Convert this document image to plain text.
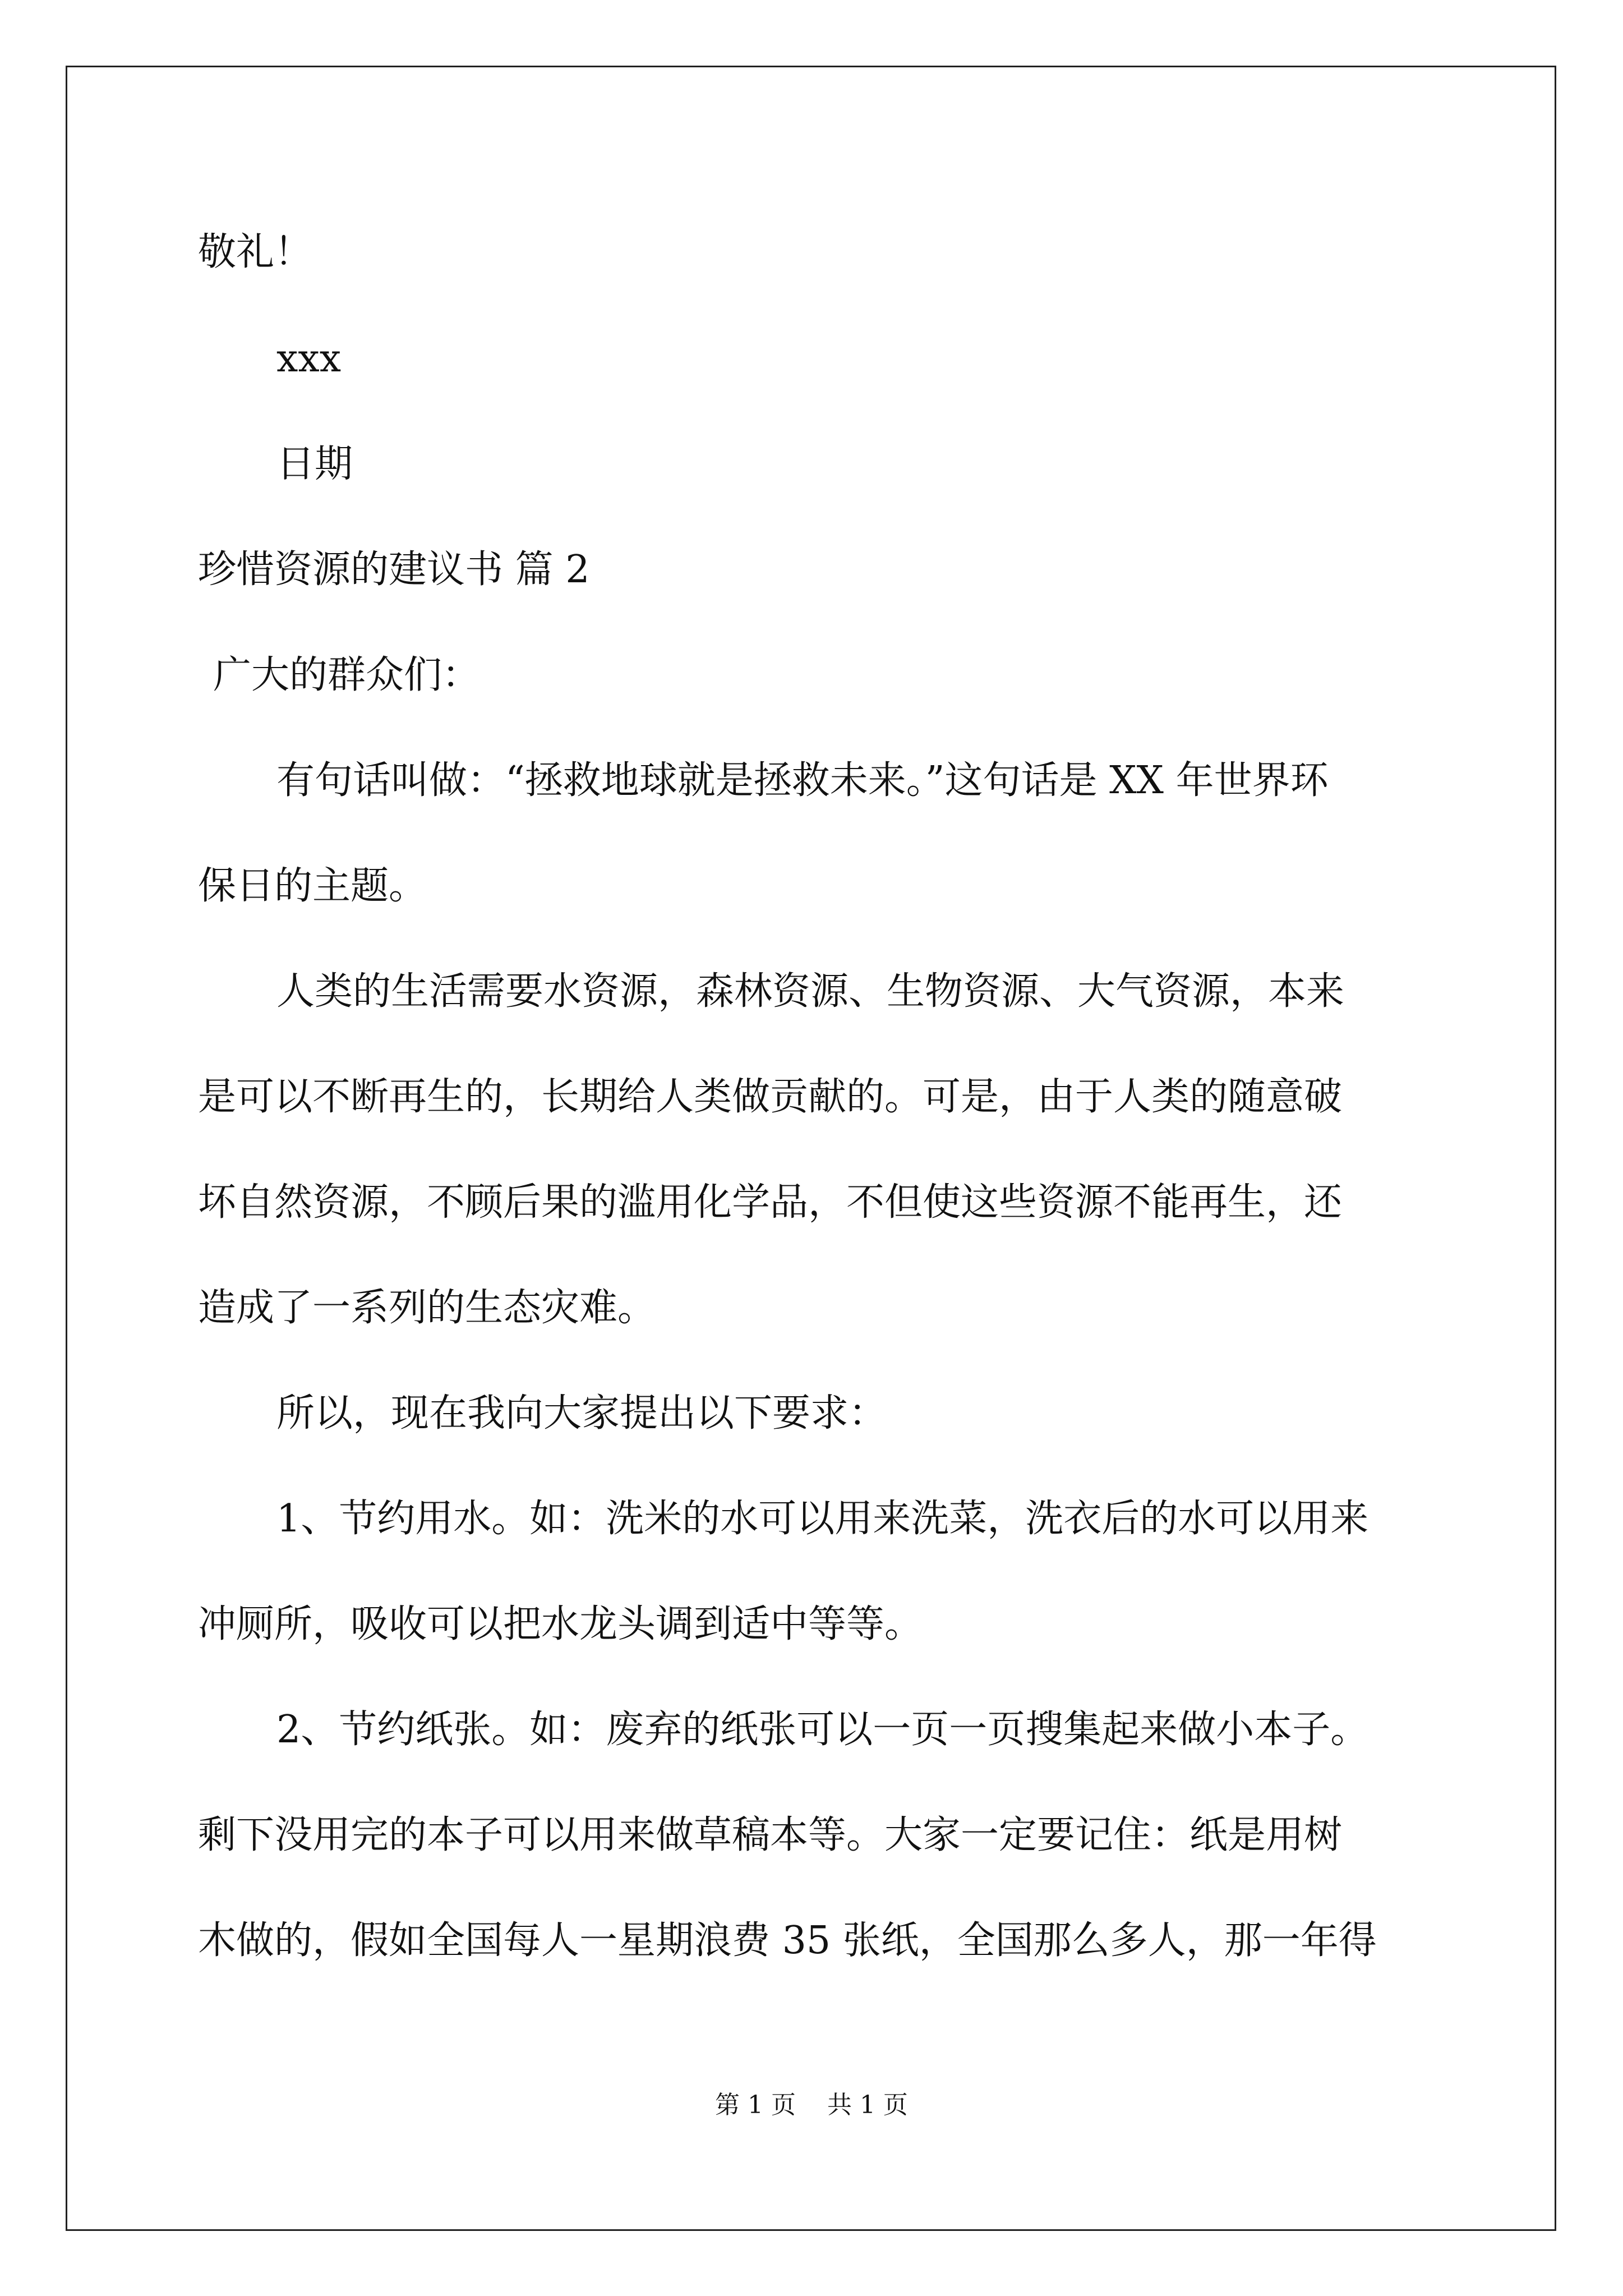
敬礼！

xxx

日期

珍惜资源的建议书 篇 2

广大的群众们：

有句话叫做：“拯救地球就是拯救未来。”这句话是 XX 年世界环

保日的主题。

人类的生活需要水资源，森林资源、生物资源、大气资源，本来

是可以不断再生的，长期给人类做贡献的。可是，由于人类的随意破

坏自然资源，不顾后果的滥用化学品，不但使这些资源不能再生，还

造成了一系列的生态灾难。

所以，现在我向大家提出以下要求：

1、节约用水。如：洗米的水可以用来洗菜，洗衣后的水可以用来

冲厕所，吸收可以把水龙头调到适中等等。

2、节约纸张。如：废弃的纸张可以一页一页搜集起来做小本子。

剩下没用完的本子可以用来做草稿本等。大家一定要记住：纸是用树

木做的，假如全国每人一星期浪费 35 张纸，全国那么多人，那一年得

第 1 页    共 1 页
